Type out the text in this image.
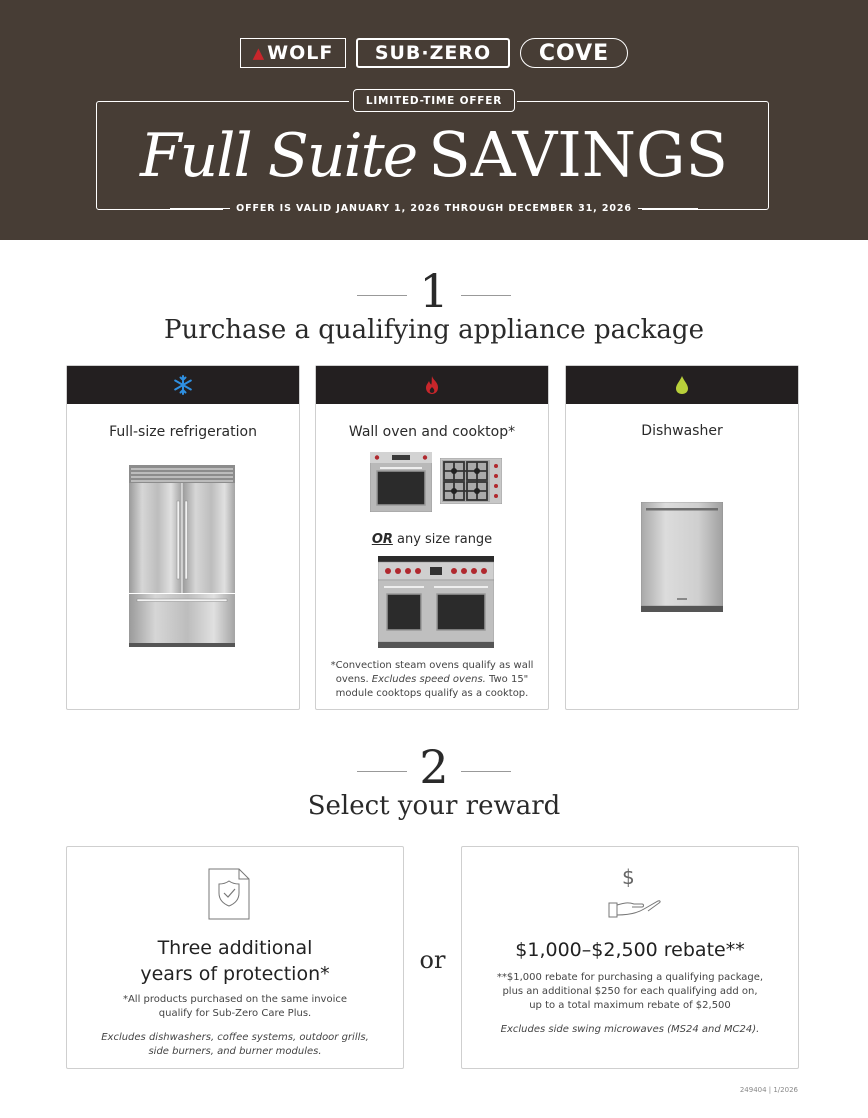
▲ WOLF	SUB·ZERO	COVE
LIMITED-TIME OFFER
Full Suite SAVINGS
OFFER IS VALID JANUARY 1, 2026 THROUGH DECEMBER 31, 2026
1
Purchase a qualifying appliance package
Full-size refrigeration	Wall oven and cooktop*
OR any size range
*Convection steam ovens qualify as wall ovens. Excludes speed ovens. Two 15" module cooktops qualify as a cooktop.
Dishwasher
2
Select your reward
Three additional
years of protection*
*All products purchased on the same invoice
qualify for Sub-Zero Care Plus.
Excludes dishwashers, coffee systems, outdoor grills,
side burners, and burner modules.
or
$
$1,000–$2,500 rebate**
**$1,000 rebate for purchasing a qualifying package,
plus an additional $250 for each qualifying add on,
up to a total maximum rebate of $2,500
Excludes side swing microwaves (MS24 and MC24).
249404 | 1/2026
